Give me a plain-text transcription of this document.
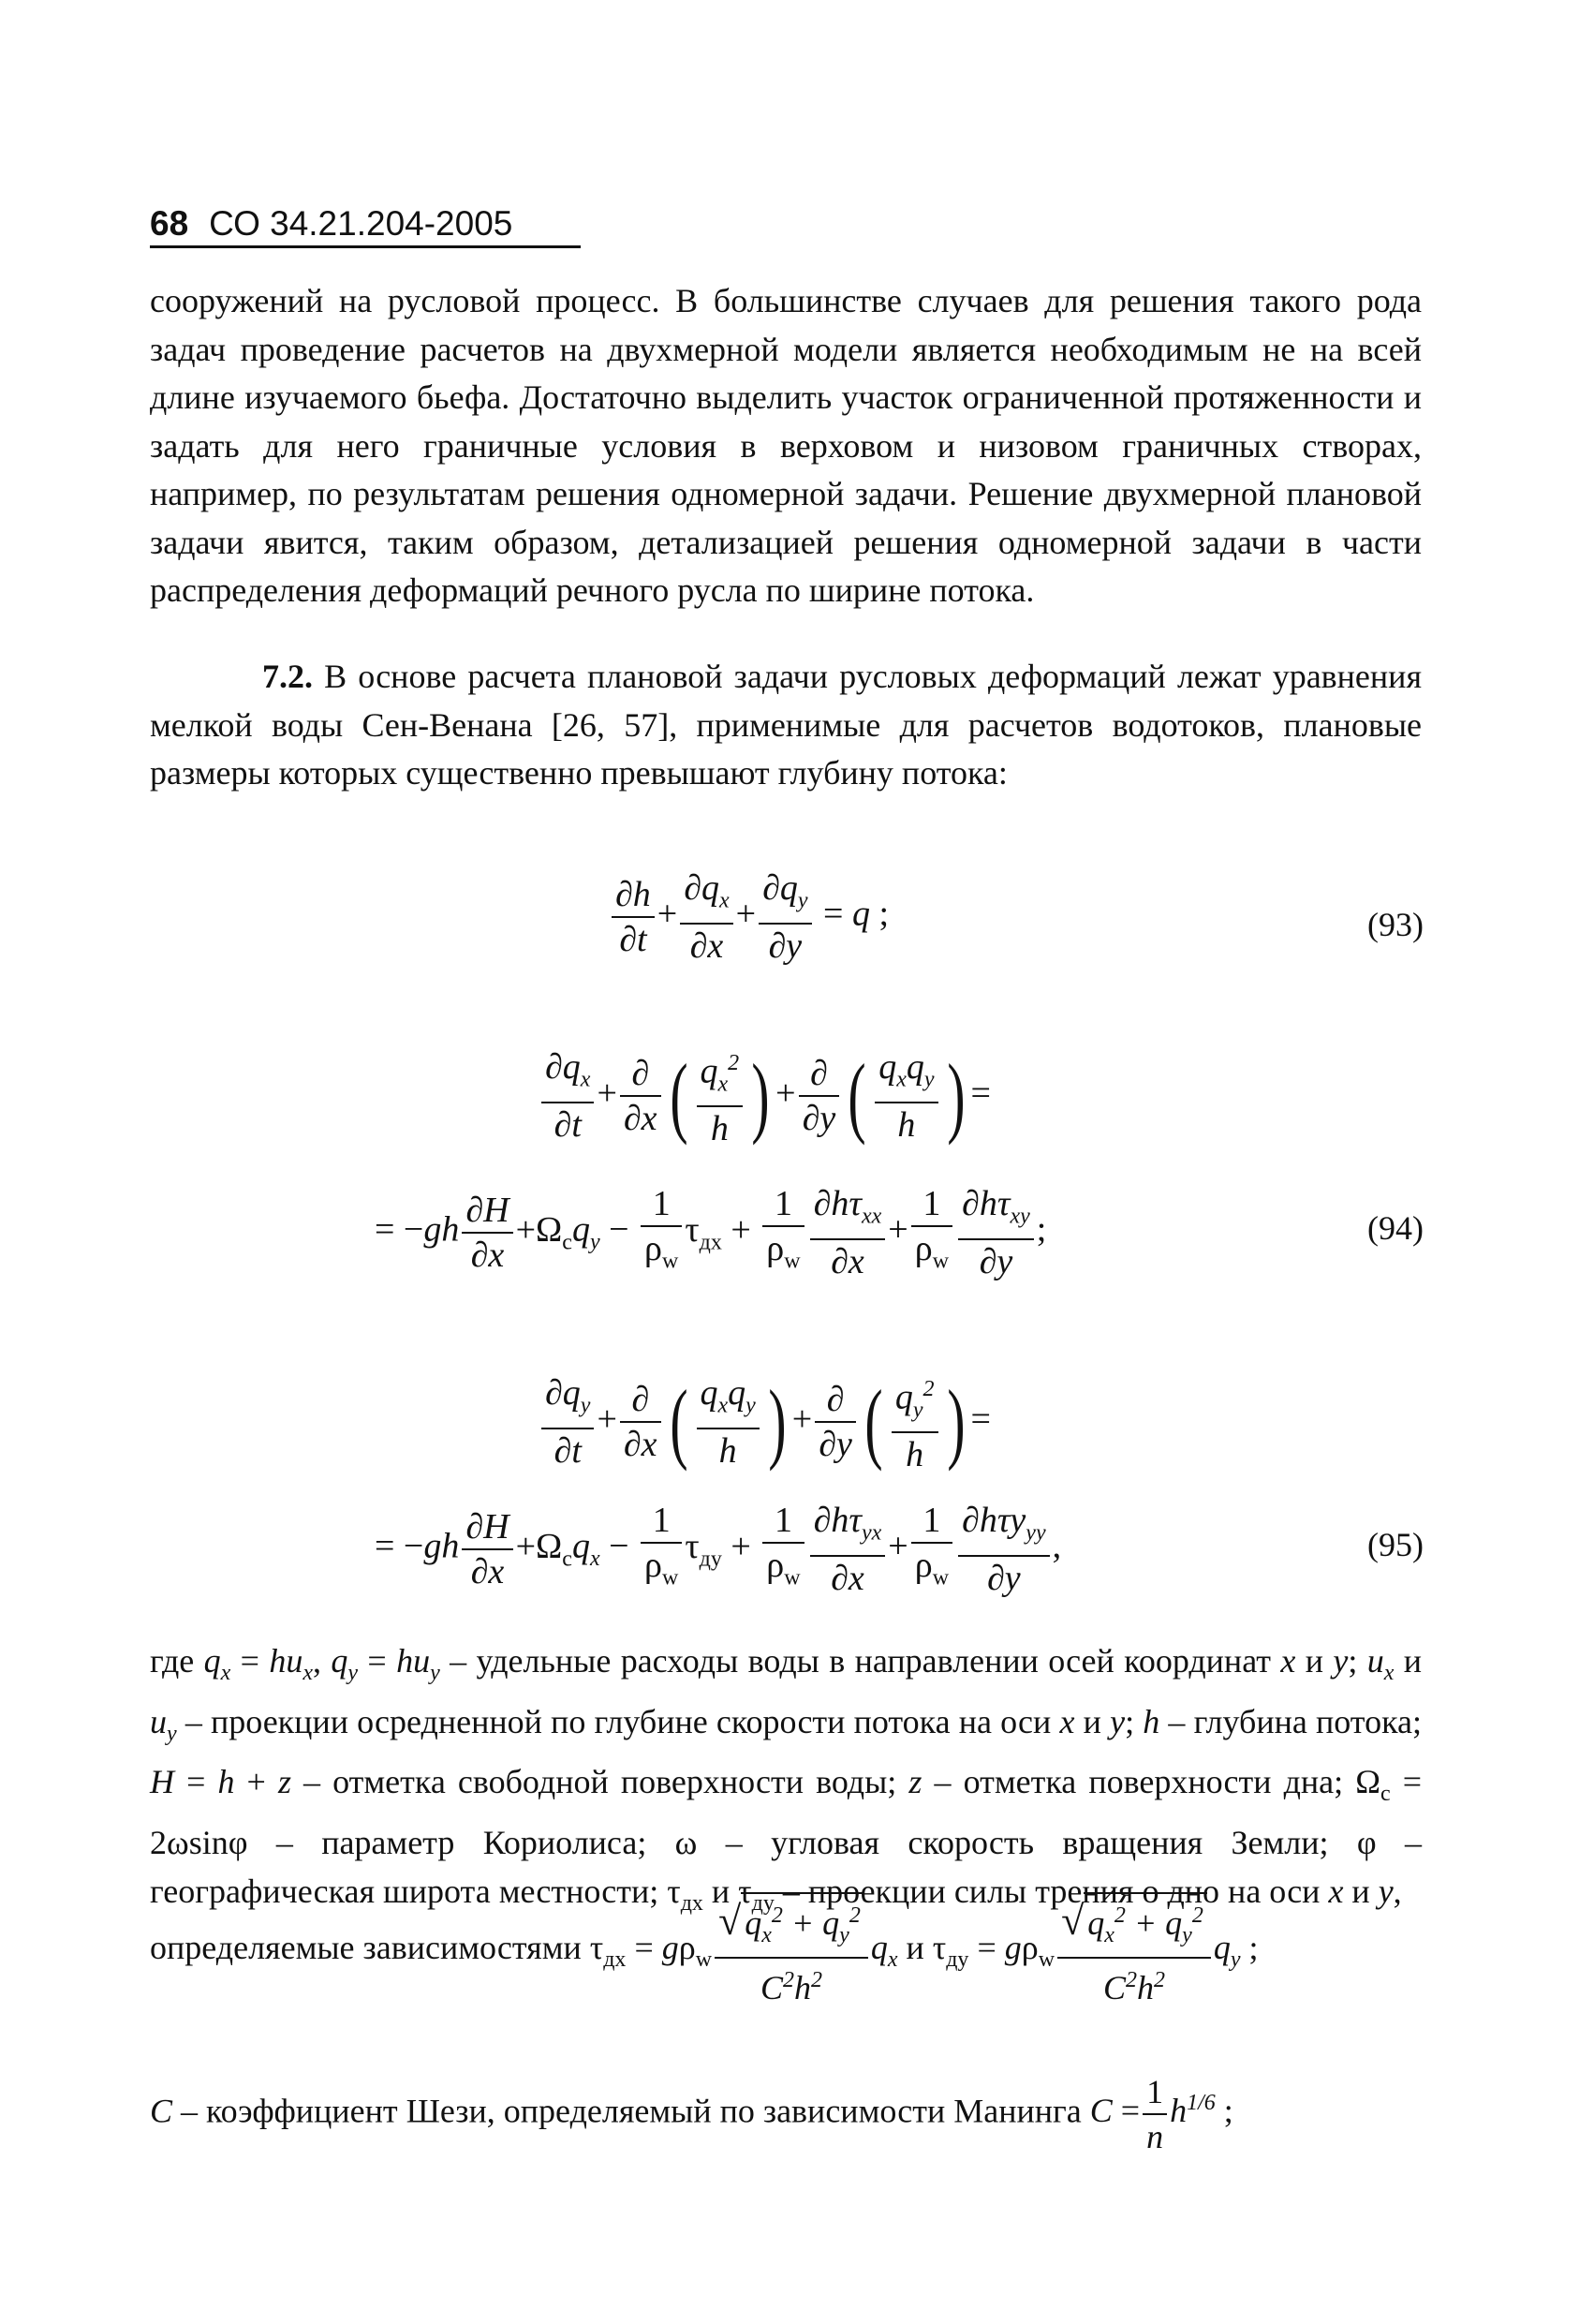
68 СО 34.21.204-2005

сооружений на русловой процесс. В большинстве случаев для решения такого рода задач проведение расчетов на двухмерной модели является необходимым не на всей длине изучаемого бьефа. Достаточно выделить участок ограниченной протяженности и задать для него граничные условия в верховом и низовом граничных створах, например, по результатам решения одномерной задачи. Решение двухмерной плановой задачи явится, таким образом, детализацией решения одномерной задачи в части распределения деформаций речного русла по ширине потока.

7.2. В основе расчета плановой задачи русловых деформаций лежат уравнения мелкой воды Сен-Венана [26, 57], применимые для расчетов водотоков, плановые размеры которых существенно превышают глубину потока:

$\frac{\partial h}{\partial t} + \frac{\partial q_x}{\partial x} + \frac{\partial q_y}{\partial y} = q$ ;	(93)
$\frac{\partial q_x}{\partial t} + \frac{\partial}{\partial x}$ ( $\frac{q_x^2}{h}$ ) + $\frac{\partial}{\partial y}$ ( $\frac{q_xq_y}{h}$ ) =
= $-gh \frac{\partial H}{\partial x} +\Omega_cq_y - \frac{1}{\rho_w} \tau_{дx} + \frac{1}{\rho_w} \frac{\partial h\tau_{xx}}{\partial x} + \frac{1}{\rho_w} \frac{\partial h\tau_{xy}}{\partial y}$ ;	(94)
$\frac{\partial q_y}{\partial t} + \frac{\partial}{\partial x}$ ( $\frac{q_xq_y}{h}$ ) + $\frac{\partial}{\partial y}$ ( $\frac{q_y^2}{h}$ ) =
= $-gh \frac{\partial H}{\partial x} +\Omega_cq_x - \frac{1}{\rho_w} \tau_{дy} + \frac{1}{\rho_w} \frac{\partial h\tau_{yx}}{\partial x} + \frac{1}{\rho_w} \frac{\partial h\tau y_{yy}}{\partial y}$ ,	(95)

где $q_x = hu_x$, $q_y = hu_y$ – удельные расходы воды в направлении осей координат x и y; $u_x$ и $u_y$ – проекции осредненной по глубине скорости потока на оси x и y; h – глубина потока; H = h + z – отметка свободной поверхности воды; z – отметка поверхности дна; $\Omega_c = 2\omega\sin\varphi$ – параметр Кориолиса; ω – угловая скорость вращения Земли; φ – географическая широта местности; $\tau_{дx}$ и $\tau_{дy}$ – проекции силы трения о дно на оси x и y,

определяемые зависимостями $\tau_{дx} = g\rho_w \frac{√ q_x^2 + q_y^2}{C^2h^2} q_x$ и $\tau_{дy} = g\rho_w \frac{√ q_x^2 + q_y^2}{C^2h^2} q_y$ ;
C – коэффициент Шези, определяемый по зависимости Манинга $C = \frac{1}{n} h^{1/6}$ ;
